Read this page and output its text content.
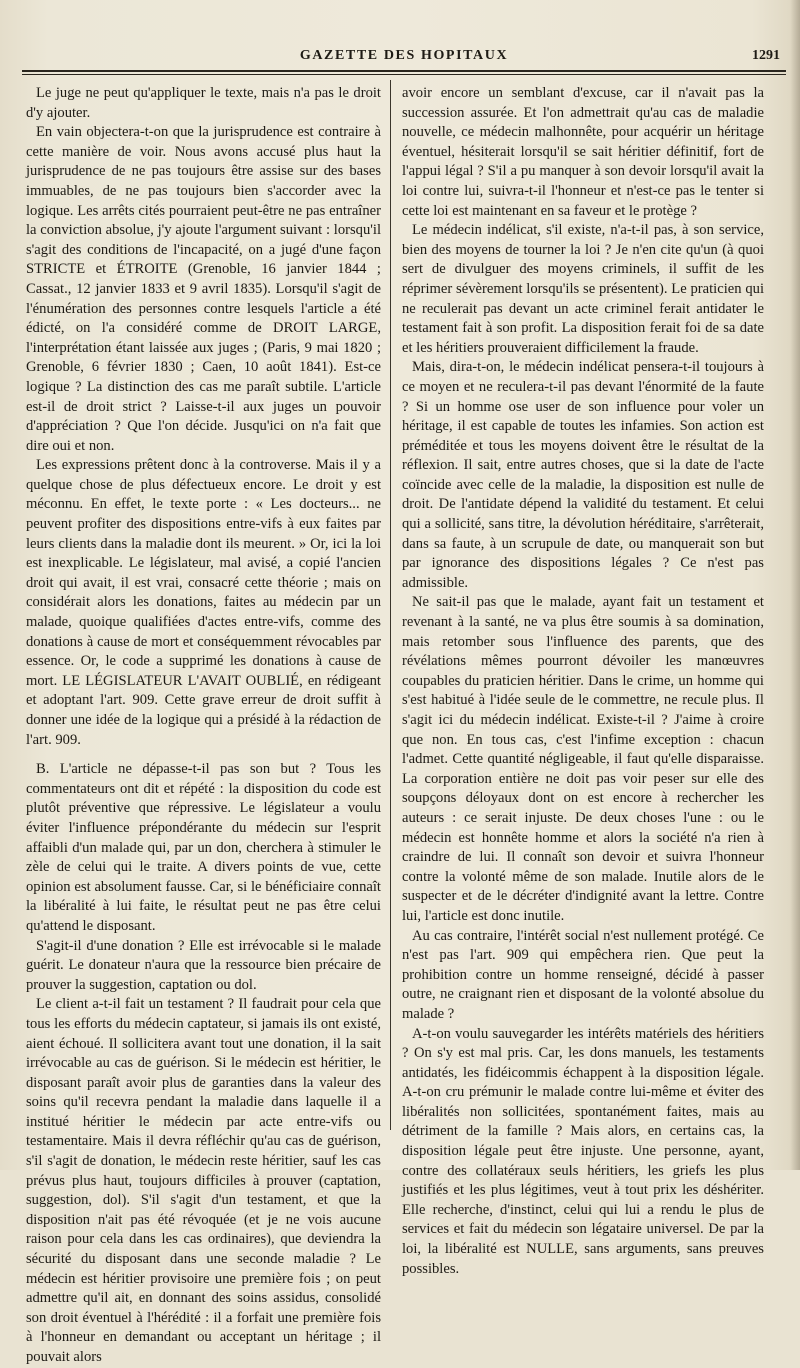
GAZETTE DES HOPITAUX	1291

Le juge ne peut qu'appliquer le texte, mais n'a pas le droit d'y ajouter.

En vain objectera-t-on que la jurisprudence est contraire à cette manière de voir. Nous avons accusé plus haut la jurisprudence de ne pas toujours être assise sur des bases immuables, de ne pas toujours bien s'accorder avec la logique. Les arrêts cités pourraient peut-être ne pas entraîner la conviction absolue, j'y ajoute l'argument suivant : lorsqu'il s'agit des conditions de l'incapacité, on a jugé d'une façon STRICTE et ÉTROITE (Grenoble, 16 janvier 1844 ; Cassat., 12 janvier 1833 et 9 avril 1835). Lorsqu'il s'agit de l'énumération des personnes contre lesquels l'article a été édicté, on l'a considéré comme de DROIT LARGE, l'interprétation étant laissée aux juges ; (Paris, 9 mai 1820 ; Grenoble, 6 février 1830 ; Caen, 10 août 1841). Est-ce logique ? La distinction des cas me paraît subtile. L'article est-il de droit strict ? Laisse-t-il aux juges un pouvoir d'appréciation ? Que l'on décide. Jusqu'ici on n'a fait que dire oui et non.

Les expressions prêtent donc à la controverse. Mais il y a quelque chose de plus défectueux encore. Le droit y est méconnu. En effet, le texte porte : « Les docteurs... ne peuvent profiter des dispositions entre-vifs à eux faites par leurs clients dans la maladie dont ils meurent. » Or, ici la loi est inexplicable. Le législateur, mal avisé, a copié l'ancien droit qui avait, il est vrai, consacré cette théorie ; mais on considérait alors les donations, faites au médecin par un malade, quoique qualifiées d'actes entre-vifs, comme des donations à cause de mort et conséquemment révocables par essence. Or, le code a supprimé les donations à cause de mort. LE LÉGISLATEUR L'AVAIT OUBLIÉ, en rédigeant et adoptant l'art. 909. Cette grave erreur de droit suffit à donner une idée de la logique qui a présidé à la rédaction de l'art. 909.

B. L'article ne dépasse-t-il pas son but ? Tous les commentateurs ont dit et répété : la disposition du code est plutôt préventive que répressive. Le législateur a voulu éviter l'influence prépondérante du médecin sur l'esprit affaibli d'un malade qui, par un don, cherchera à stimuler le zèle de celui qui le traite. A divers points de vue, cette opinion est absolument fausse. Car, si le bénéficiaire connaît la libéralité à lui faite, le résultat peut ne pas être celui qu'attend le disposant.

S'agit-il d'une donation ? Elle est irrévocable si le malade guérit. Le donateur n'aura que la ressource bien précaire de prouver la suggestion, captation ou dol.

Le client a-t-il fait un testament ? Il faudrait pour cela que tous les efforts du médecin captateur, si jamais ils ont existé, aient échoué. Il sollicitera avant tout une donation, il la sait irrévocable au cas de guérison. Si le médecin est héritier, le disposant paraît avoir plus de garanties dans la valeur des soins qu'il recevra pendant la maladie dans laquelle il a institué héritier le médecin par acte entre-vifs ou testamentaire. Mais il devra réfléchir qu'au cas de guérison, s'il s'agit de donation, le médecin reste héritier, sauf les cas prévus plus haut, toujours difficiles à prouver (captation, suggestion, dol). S'il s'agit d'un testament, et que la disposition n'ait pas été révoquée (et je ne vois aucune raison pour cela dans les cas ordinaires), que deviendra la sécurité du disposant dans une seconde maladie ? Le médecin est héritier provisoire une première fois ; on peut admettre qu'il ait, en donnant des soins assidus, consolidé son droit éventuel à l'hérédité : il a forfait une première fois à l'honneur en demandant ou acceptant un héritage ; il pouvait alors

avoir encore un semblant d'excuse, car il n'avait pas la succession assurée. Et l'on admettrait qu'au cas de maladie nouvelle, ce médecin malhonnête, pour acquérir un héritage éventuel, hésiterait lorsqu'il se sait héritier définitif, fort de l'appui légal ? S'il a pu manquer à son devoir lorsqu'il avait la loi contre lui, suivra-t-il l'honneur et n'est-ce pas le tenter si cette loi est maintenant en sa faveur et le protège ?

Le médecin indélicat, s'il existe, n'a-t-il pas, à son service, bien des moyens de tourner la loi ? Je n'en cite qu'un (à quoi sert de divulguer des moyens criminels, il suffit de les réprimer sévèrement lorsqu'ils se présentent). Le praticien qui ne reculerait pas devant un acte criminel ferait antidater le testament fait à son profit. La disposition ferait foi de sa date et les héritiers prouveraient difficilement la fraude.

Mais, dira-t-on, le médecin indélicat pensera-t-il toujours à ce moyen et ne reculera-t-il pas devant l'énormité de la faute ? Si un homme ose user de son influence pour voler un héritage, il est capable de toutes les infamies. Son action est préméditée et tous les moyens doivent être le résultat de la réflexion. Il sait, entre autres choses, que si la date de l'acte coïncide avec celle de la maladie, la disposition est nulle de droit. De l'antidate dépend la validité du testament. Et celui qui a sollicité, sans titre, la dévolution héréditaire, s'arrêterait, dans sa faute, à un scrupule de date, ou manquerait son but par ignorance des dispositions légales ? Ce n'est pas admissible.

Ne sait-il pas que le malade, ayant fait un testament et revenant à la santé, ne va plus être soumis à sa domination, mais retomber sous l'influence des parents, que des révélations mêmes pourront dévoiler les manœuvres coupables du praticien héritier. Dans le crime, un homme qui s'est habitué à l'idée seule de le commettre, ne recule plus. Il s'agit ici du médecin indélicat. Existe-t-il ? J'aime à croire que non. En tous cas, c'est l'infime exception : chacun l'admet. Cette quantité négligeable, il faut qu'elle disparaisse. La corporation entière ne doit pas voir peser sur elle des soupçons déloyaux dont on est encore à rechercher les auteurs : ce serait injuste. De deux choses l'une : ou le médecin est honnête homme et alors la société n'a rien à craindre de lui. Il connaît son devoir et suivra l'honneur contre la volonté même de son malade. Inutile alors de le suspecter et de le décréter d'indignité avant la lettre. Contre lui, l'article est donc inutile.

Au cas contraire, l'intérêt social n'est nullement protégé. Ce n'est pas l'art. 909 qui empêchera rien. Que peut la prohibition contre un homme renseigné, décidé à passer outre, ne craignant rien et disposant de la volonté absolue du malade ?

A-t-on voulu sauvegarder les intérêts matériels des héritiers ? On s'y est mal pris. Car, les dons manuels, les testaments antidatés, les fidéicommis échappent à la disposition légale. A-t-on cru prémunir le malade contre lui-même et éviter des libéralités non sollicitées, spontanément faites, mais au détriment de la famille ? Mais alors, en certains cas, la disposition légale peut être injuste. Une personne, ayant, contre des collatéraux seuls héritiers, les griefs les plus justifiés et les plus légitimes, veut à tout prix les déshériter. Elle recherche, d'instinct, celui qui lui a rendu le plus de services et fait du médecin son légataire universel. De par la loi, la libéralité est NULLE, sans arguments, sans preuves possibles.
